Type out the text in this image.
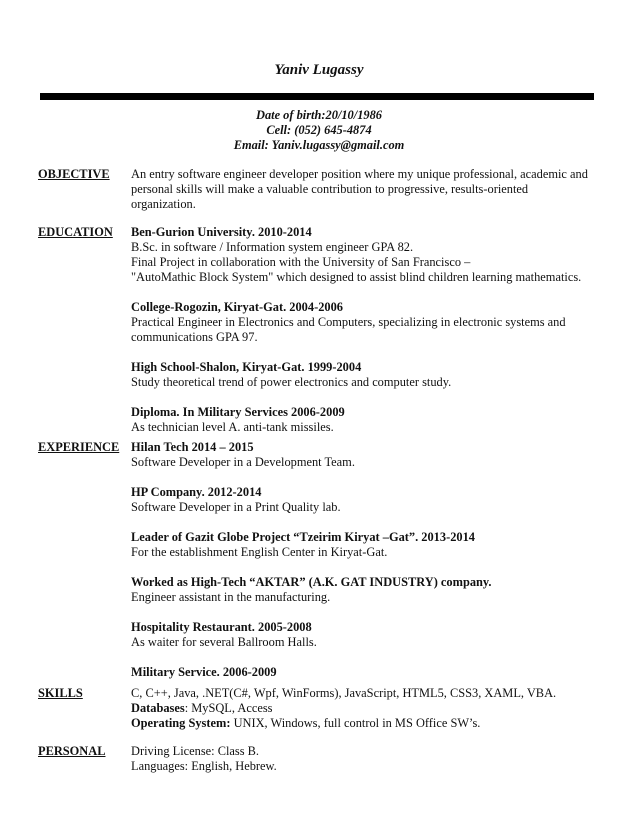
Yaniv Lugassy
Date of birth:20/10/1986
Cell: (052) 645-4874
Email: Yaniv.lugassy@gmail.com
OBJECTIVE An entry software engineer developer position where my unique professional, academic and
personal skills will make a valuable contribution to progressive, results-oriented
organization.
EDUCATION Ben-Gurion University. 2010-2014
B.Sc. in software / Information system engineer GPA 82.
Final Project in collaboration with the University of San Francisco –
"AutoMathic Block System" which designed to assist blind children learning mathematics.
College-Rogozin, Kiryat-Gat. 2004-2006
Practical Engineer in Electronics and Computers, specializing in electronic systems and
communications GPA 97.
High School-Shalon, Kiryat-Gat. 1999-2004
Study theoretical trend of power electronics and computer study.
Diploma. In Military Services 2006-2009
As technician level A. anti-tank missiles.
EXPERIENCE Hilan Tech 2014 – 2015
Software Developer in a Development Team.
HP Company. 2012-2014
Software Developer in a Print Quality lab.
Leader of Gazit Globe Project “Tzeirim Kiryat –Gat”. 2013-2014
For the establishment English Center in Kiryat-Gat.
Worked as High-Tech “AKTAR” (A.K. GAT INDUSTRY) company.
Engineer assistant in the manufacturing.
Hospitality Restaurant. 2005-2008
As waiter for several Ballroom Halls.
Military Service. 2006-2009
SKILLS	C, C++, Java, .NET(C#, Wpf, WinForms), JavaScript, HTML5, CSS3, XAML, VBA.
Databases: MySQL, Access
Operating System: UNIX, Windows, full control in MS Office SW’s.
PERSONAL Driving License: Class B.
Languages: English, Hebrew.
